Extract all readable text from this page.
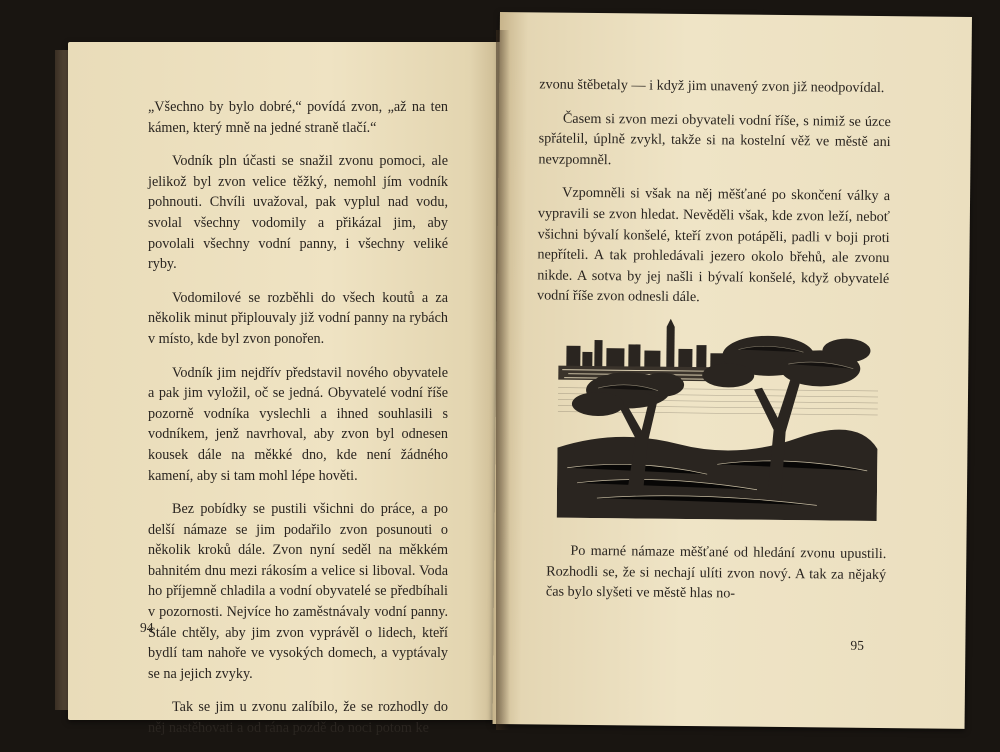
„Všechno by bylo dobré,“ povídá zvon, „až na ten kámen, který mně na jedné straně tlačí.“

Vodník pln účasti se snažil zvonu pomoci, ale jelikož byl zvon velice těžký, nemohl jím vodník pohnouti. Chvíli uvažoval, pak vyplul nad vodu, svolal všechny vodomily a přikázal jim, aby povolali všechny vodní panny, i všechny veliké ryby.

Vodomilové se rozběhli do všech koutů a za několik minut připlouvaly již vodní panny na rybách v místo, kde byl zvon ponořen.

Vodník jim nejdřív představil nového obyvatele a pak jim vyložil, oč se jedná. Obyvatelé vodní říše pozorně vodníka vyslechli a ihned souhlasili s vodníkem, jenž navrhoval, aby zvon byl odnesen kousek dále na měkké dno, kde není žádného kamení, aby si tam mohl lépe hověti.

Bez pobídky se pustili všichni do práce, a po delší námaze se jim podařilo zvon posunouti o několik kroků dále. Zvon nyní seděl na měkkém bahnitém dnu mezi rákosím a velice si liboval. Voda ho příjemně chladila a vodní obyvatelé se předbíhali v pozornosti. Nejvíce ho zaměstnávaly vodní panny. Stále chtěly, aby jim zvon vyprávěl o lidech, kteří bydlí tam nahoře ve vysokých domech, a vyptávaly se na jejich zvyky.

Tak se jim u zvonu zalíbilo, že se rozhodly do něj nastěhovati a od rána pozdě do noci potom ke

94

zvonu štěbetaly — i když jim unavený zvon již neodpovídal.

Časem si zvon mezi obyvateli vodní říše, s nimiž se úzce spřátelil, úplně zvykl, takže si na kostelní věž ve městě ani nevzpomněl.

Vzpomněli si však na něj měšťané po skončení války a vypravili se zvon hledat. Nevěděli však, kde zvon leží, neboť všichni bývalí konšelé, kteří zvon potápěli, padli v boji proti nepříteli. A tak prohledávali jezero okolo břehů, ale zvonu nikde. A sotva by jej našli i bývalí konšelé, když obyvatelé vodní říše zvon odnesli dále.

Po marné námaze měšťané od hledání zvonu upustili. Rozhodli se, že si nechají ulíti zvon nový. A tak za nějaký čas bylo slyšeti ve městě hlas no-

95
